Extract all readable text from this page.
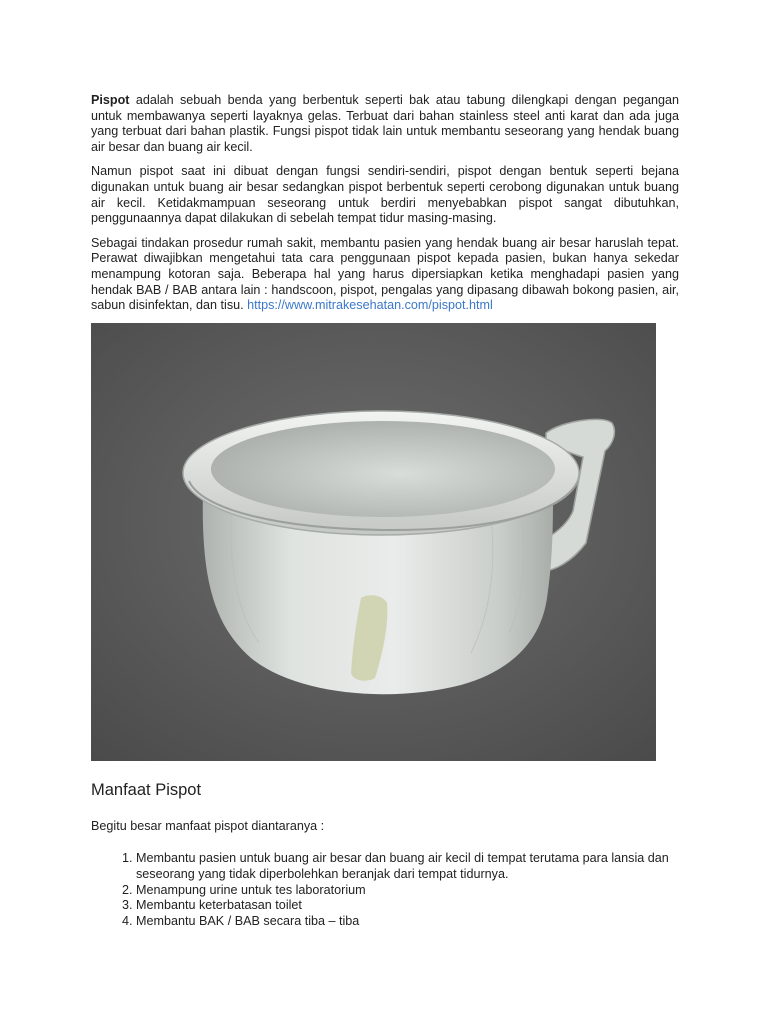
Pispot adalah sebuah benda yang berbentuk seperti bak atau tabung dilengkapi dengan pegangan untuk membawanya seperti layaknya gelas. Terbuat dari bahan stainless steel anti karat dan ada juga yang terbuat dari bahan plastik. Fungsi pispot tidak lain untuk membantu seseorang yang hendak buang air besar dan buang air kecil.

Namun pispot saat ini dibuat dengan fungsi sendiri-sendiri, pispot dengan bentuk seperti bejana digunakan untuk buang air besar sedangkan pispot berbentuk seperti cerobong digunakan untuk buang air kecil. Ketidakmampuan seseorang untuk berdiri menyebabkan pispot sangat dibutuhkan, penggunaannya dapat dilakukan di sebelah tempat tidur masing-masing.

Sebagai tindakan prosedur rumah sakit, membantu pasien yang hendak buang air besar haruslah tepat. Perawat diwajibkan mengetahui tata cara penggunaan pispot kepada pasien, bukan hanya sekedar menampung kotoran saja. Beberapa hal yang harus dipersiapkan ketika menghadapi pasien yang hendak BAB / BAB antara lain : handscoon, pispot, pengalas yang dipasang dibawah bokong pasien, air, sabun disinfektan, dan tisu. https://www.mitrakesehatan.com/pispot.html

Manfaat Pispot

Begitu besar manfaat pispot diantaranya :

1. Membantu pasien untuk buang air besar dan buang air kecil di tempat terutama para lansia dan seseorang yang tidak diperbolehkan beranjak dari tempat tidurnya.
2. Menampung urine untuk tes laboratorium
3. Membantu keterbatasan toilet
4. Membantu BAK / BAB secara tiba – tiba
